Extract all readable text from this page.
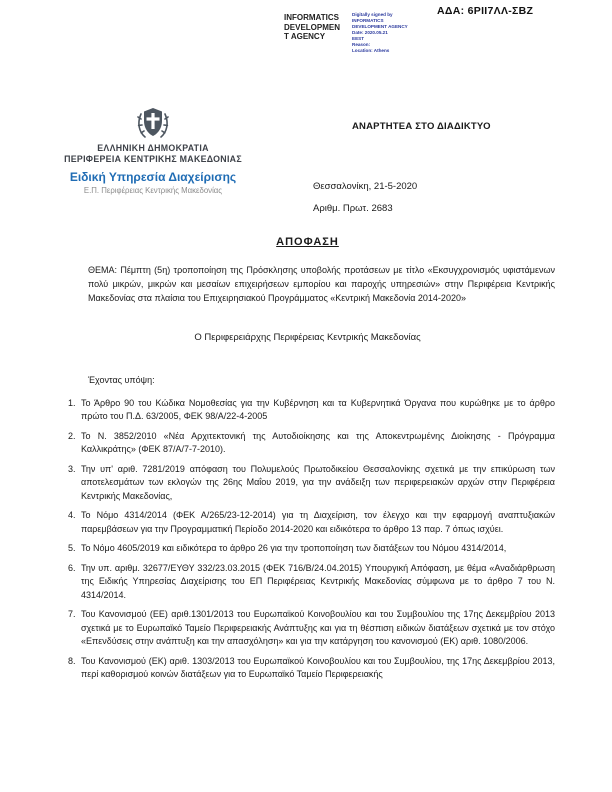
ΑΔΑ: 6ΡΙΙ7ΛΛ-ΣΒΖ
INFORMATICS
DEVELOPMEN
T AGENCY
Digitally signed by
INFORMATICS
DEVELOPMENT AGENCY
Date: 2020.05.21
EEST
Reason:
Location: Athens
ΕΛΛΗΝΙΚΗ ΔΗΜΟΚΡΑΤΙΑ
ΠΕΡΙΦΕΡΕΙΑ ΚΕΝΤΡΙΚΗΣ ΜΑΚΕΔΟΝΙΑΣ
Ειδική Υπηρεσία Διαχείρισης
Ε.Π. Περιφέρειας Κεντρικής Μακεδονίας
ΑΝΑΡΤΗΤΕΑ ΣΤΟ ΔΙΑΔΙΚΤΥΟ
Θεσσαλονίκη, 21-5-2020
Αριθμ. Πρωτ. 2683
ΑΠΟΦΑΣΗ

ΘΕΜΑ: Πέμπτη (5η) τροποποίηση της Πρόσκλησης υποβολής προτάσεων με τίτλο «Εκσυγχρονισμός υφιστάμενων πολύ μικρών, μικρών και μεσαίων επιχειρήσεων εμπορίου και παροχής υπηρεσιών» στην Περιφέρεια Κεντρικής Μακεδονίας στα πλαίσια του Επιχειρησιακού Προγράμματος «Κεντρική Μακεδονία 2014-2020»

Ο Περιφερειάρχης Περιφέρειας Κεντρικής Μακεδονίας
Έχοντας υπόψη:
1. Το Άρθρο 90 του Κώδικα Νομοθεσίας για την Κυβέρνηση και τα Κυβερνητικά Όργανα που κυρώθηκε με το άρθρο πρώτο του Π.Δ. 63/2005, ΦΕΚ 98/Α/22-4-2005
2. Το Ν. 3852/2010 «Νέα Αρχιτεκτονική της Αυτοδιοίκησης και της Αποκεντρωμένης Διοίκησης - Πρόγραμμα Καλλικράτης» (ΦΕΚ 87/Α/7-7-2010).
3. Την υπ' αριθ. 7281/2019 απόφαση του Πολυμελούς Πρωτοδικείου Θεσσαλονίκης σχετικά με την επικύρωση των αποτελεσμάτων των εκλογών της 26ης Μαΐου 2019, για την ανάδειξη των περιφερειακών αρχών στην Περιφέρεια Κεντρικής Μακεδονίας,
4. Το Νόμο 4314/2014 (ΦΕΚ Α/265/23-12-2014) για τη Διαχείριση, τον έλεγχο και την εφαρμογή αναπτυξιακών παρεμβάσεων για την Προγραμματική Περίοδο 2014-2020 και ειδικότερα το άρθρο 13 παρ. 7 όπως ισχύει.
5. Το Νόμο 4605/2019 και ειδικότερα το άρθρο 26 για την τροποποίηση των διατάξεων του Νόμου 4314/2014,
6. Την υπ. αριθμ. 32677/ΕΥΘΥ 332/23.03.2015 (ΦΕΚ 716/Β/24.04.2015) Υπουργική Απόφαση, με θέμα «Αναδιάρθρωση της Ειδικής Υπηρεσίας Διαχείρισης του ΕΠ Περιφέρειας Κεντρικής Μακεδονίας σύμφωνα με το άρθρο 7 του Ν. 4314/2014.
7. Του Κανονισμού (ΕΕ) αριθ.1301/2013 του Ευρωπαϊκού Κοινοβουλίου και του Συμβουλίου της 17ης Δεκεμβρίου 2013 σχετικά με το Ευρωπαϊκό Ταμείο Περιφερειακής Ανάπτυξης και για τη θέσπιση ειδικών διατάξεων σχετικά με τον στόχο «Επενδύσεις στην ανάπτυξη και την απασχόληση» και για την κατάργηση του κανονισμού (ΕΚ) αριθ. 1080/2006.
8. Του Κανονισμού (ΕΚ) αριθ. 1303/2013 του Ευρωπαϊκού Κοινοβουλίου και του Συμβουλίου, της 17ης Δεκεμβρίου 2013, περί καθορισμού κοινών διατάξεων για το Ευρωπαϊκό Ταμείο Περιφερειακής
